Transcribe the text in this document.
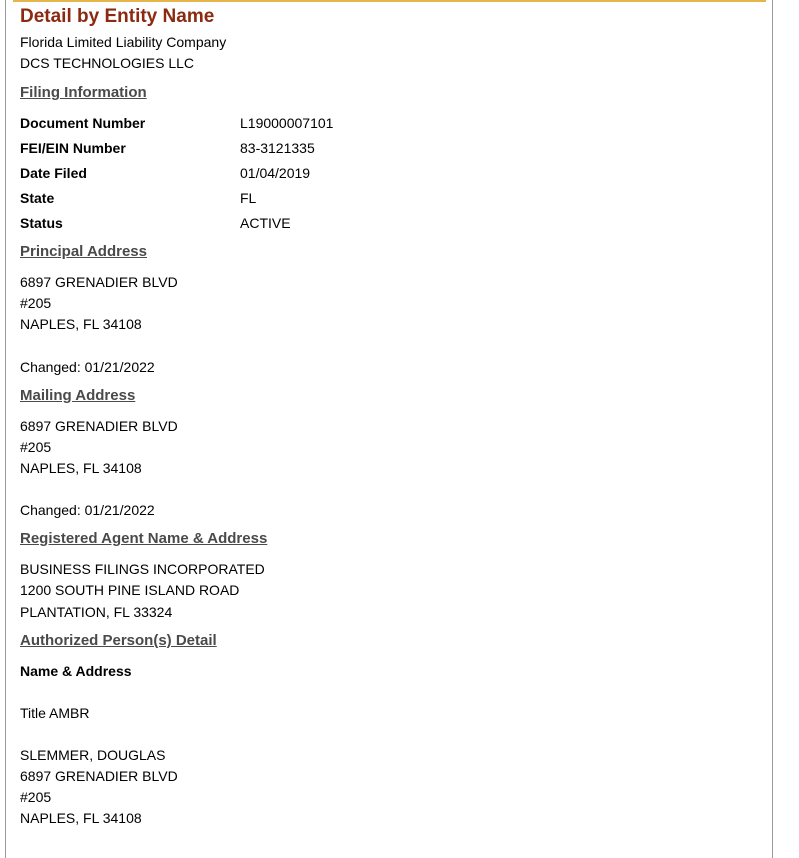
Detail by Entity Name
Florida Limited Liability Company
DCS TECHNOLOGIES LLC
Filing Information
Document Number	L19000007101
FEI/EIN Number	83-3121335
Date Filed	01/04/2019
State	FL
Status	ACTIVE
Principal Address
6897 GRENADIER BLVD
#205
NAPLES, FL 34108
Changed: 01/21/2022
Mailing Address
6897 GRENADIER BLVD
#205
NAPLES, FL 34108
Changed: 01/21/2022
Registered Agent Name & Address
BUSINESS FILINGS INCORPORATED
1200 SOUTH PINE ISLAND ROAD
PLANTATION, FL 33324
Authorized Person(s) Detail
Name & Address
Title AMBR
SLEMMER, DOUGLAS
6897 GRENADIER BLVD
#205
NAPLES, FL 34108
